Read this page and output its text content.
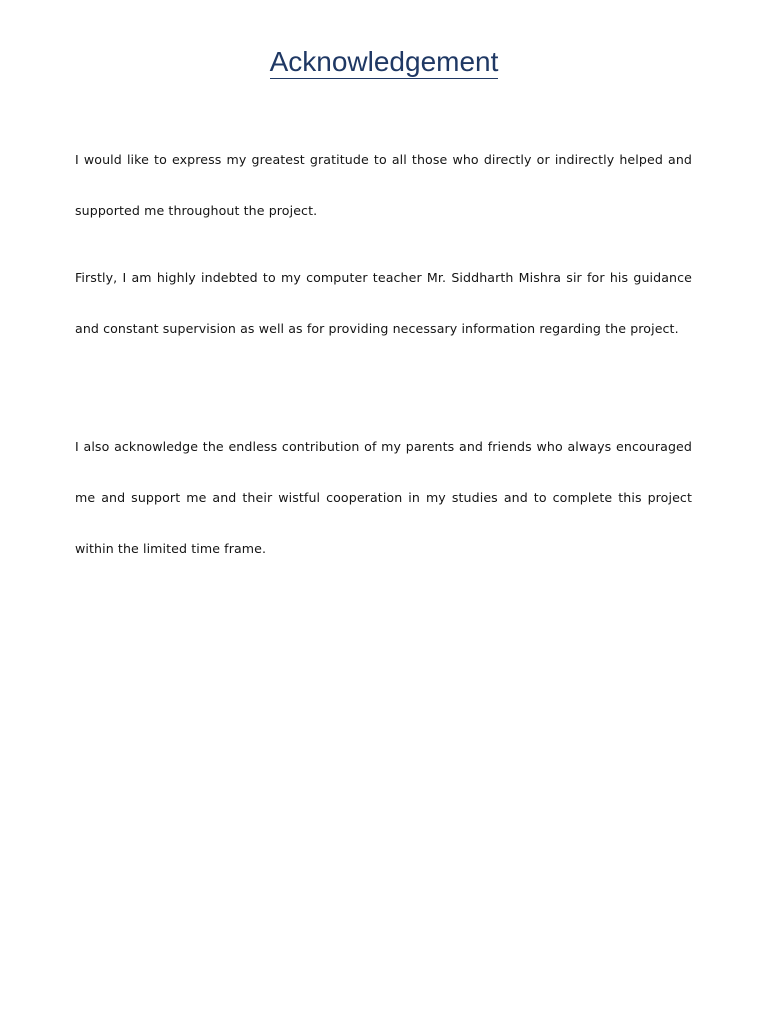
Acknowledgement

I would like to express my greatest gratitude to all those who directly or indirectly helped and supported me throughout the project.

Firstly, I am highly indebted to my computer teacher Mr. Siddharth Mishra sir for his guidance and constant supervision as well as for providing necessary information regarding the project.

I also acknowledge the endless contribution of my parents and friends who always encouraged me and support me and their wistful cooperation in my studies and to complete this project within the limited time frame.
